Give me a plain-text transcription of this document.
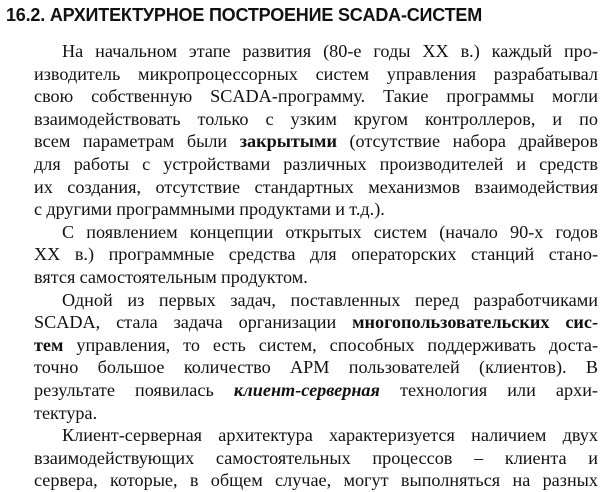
16.2. АРХИТЕКТУРНОЕ ПОСТРОЕНИЕ SCADA-СИСТЕМ
На начальном этапе развития (80-е годы XX в.) каждый про-
изводитель микропроцессорных систем управления разрабатывал
свою собственную SCADA-программу. Такие программы могли
взаимодействовать только с узким кругом контроллеров, и по
всем параметрам были закрытыми (отсутствие набора драйверов
для работы с устройствами различных производителей и средств
их создания, отсутствие стандартных механизмов взаимодействия
с другими программными продуктами и т.д.).
С появлением концепции открытых систем (начало 90-х годов
XX в.) программные средства для операторских станций стано-
вятся самостоятельным продуктом.
Одной из первых задач, поставленных перед разработчиками
SCADA, стала задача организации многопользовательских сис-
тем управления, то есть систем, способных поддерживать доста-
точно большое количество АРМ пользователей (клиентов). В
результате появилась клиент-серверная технология или архи-
тектура.
Клиент-серверная архитектура характеризуется наличием двух
взаимодействующих самостоятельных процессов – клиента и
сервера, которые, в общем случае, могут выполняться на разных
